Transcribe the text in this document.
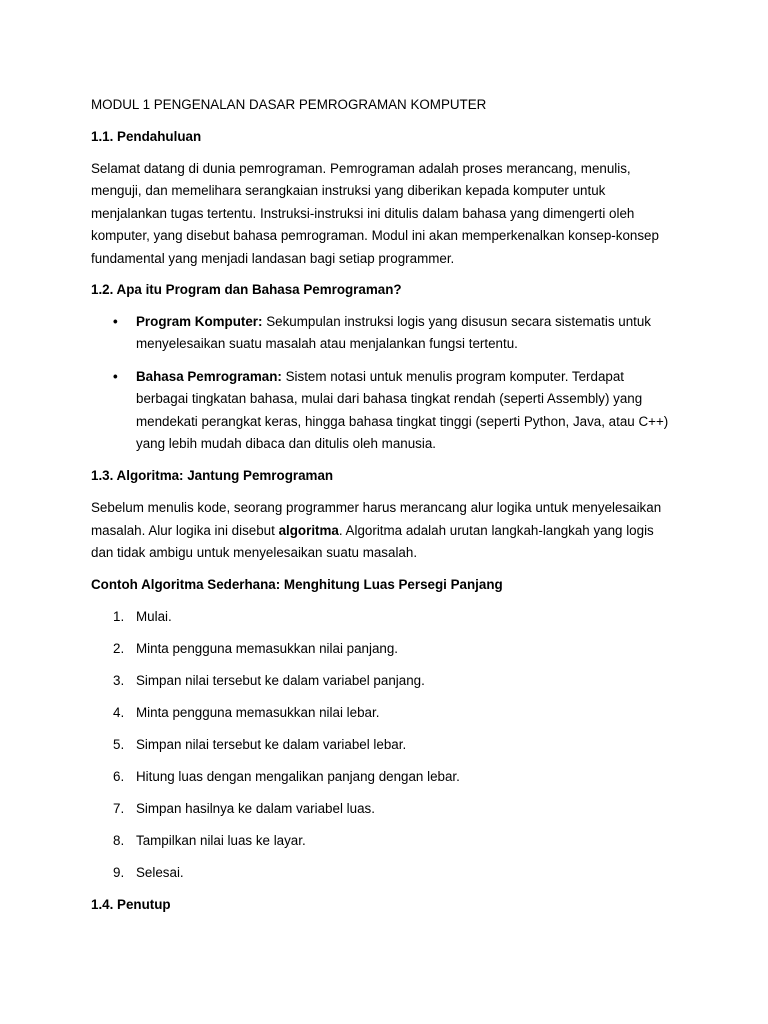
MODUL 1 PENGENALAN DASAR PEMROGRAMAN KOMPUTER
1.1. Pendahuluan
Selamat datang di dunia pemrograman. Pemrograman adalah proses merancang, menulis,
menguji, dan memelihara serangkaian instruksi yang diberikan kepada komputer untuk
menjalankan tugas tertentu. Instruksi-instruksi ini ditulis dalam bahasa yang dimengerti oleh
komputer, yang disebut bahasa pemrograman. Modul ini akan memperkenalkan konsep-konsep
fundamental yang menjadi landasan bagi setiap programmer.
1.2. Apa itu Program dan Bahasa Pemrograman?
• Program Komputer: Sekumpulan instruksi logis yang disusun secara sistematis untuk
menyelesaikan suatu masalah atau menjalankan fungsi tertentu.
• Bahasa Pemrograman: Sistem notasi untuk menulis program komputer. Terdapat
berbagai tingkatan bahasa, mulai dari bahasa tingkat rendah (seperti Assembly) yang
mendekati perangkat keras, hingga bahasa tingkat tinggi (seperti Python, Java, atau C++)
yang lebih mudah dibaca dan ditulis oleh manusia.
1.3. Algoritma: Jantung Pemrograman
Sebelum menulis kode, seorang programmer harus merancang alur logika untuk menyelesaikan
masalah. Alur logika ini disebut algoritma. Algoritma adalah urutan langkah-langkah yang logis
dan tidak ambigu untuk menyelesaikan suatu masalah.
Contoh Algoritma Sederhana: Menghitung Luas Persegi Panjang
1. Mulai.
2. Minta pengguna memasukkan nilai panjang.
3. Simpan nilai tersebut ke dalam variabel panjang.
4. Minta pengguna memasukkan nilai lebar.
5. Simpan nilai tersebut ke dalam variabel lebar.
6. Hitung luas dengan mengalikan panjang dengan lebar.
7. Simpan hasilnya ke dalam variabel luas.
8. Tampilkan nilai luas ke layar.
9. Selesai.
1.4. Penutup
